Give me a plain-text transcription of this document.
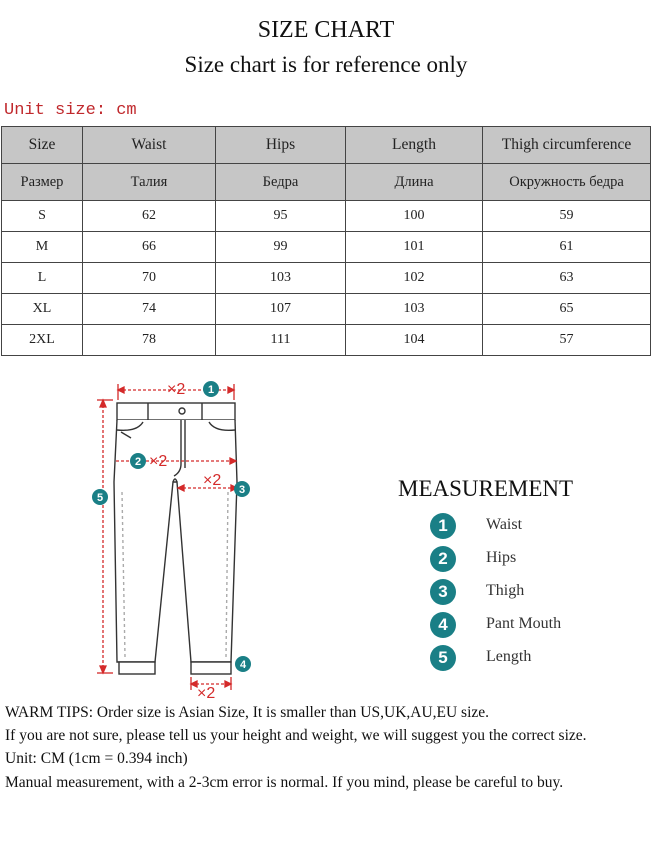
SIZE CHART
Size chart is for reference only
Unit size: cm
Size	Waist	Hips	Length	Thigh circumference
Размер	Талия	Бедра	Длина	Окружность бедра
S	62	95	100	59
M	66	99	101	61
L	70	103	102	63
XL	74	107	103	65
2XL	78	111	104	57
×2
×2
×2
×2
1
2
3
4
5	MEASUREMENT
1	Waist
2	Hips
3	Thigh
4	Pant Mouth
5	Length

WARM TIPS: Order size is Asian Size, It is smaller than US,UK,AU,EU size.

If you are not sure, please tell us your height and weight, we will suggest you the correct size.

Unit: CM (1cm = 0.394 inch)

Manual measurement, with a 2-3cm error is normal. If you mind, please be careful to buy.
